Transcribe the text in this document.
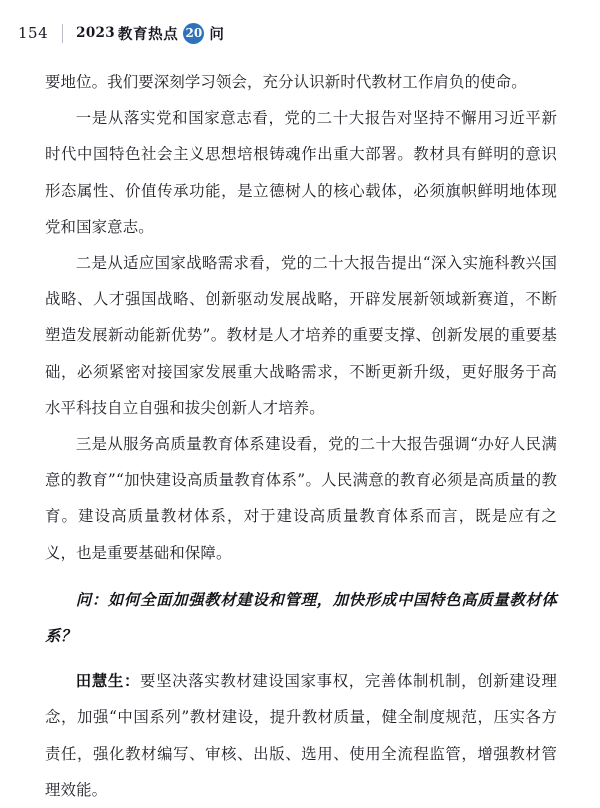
154 2023 教育热点 20 问

要地位。我们要深刻学习领会，充分认识新时代教材工作肩负的使命。

一是从落实党和国家意志看，党的二十大报告对坚持不懈用习近平新时代中国特色社会主义思想培根铸魂作出重大部署。教材具有鲜明的意识形态属性、价值传承功能，是立德树人的核心载体，必须旗帜鲜明地体现党和国家意志。

二是从适应国家战略需求看，党的二十大报告提出“深入实施科教兴国战略、人才强国战略、创新驱动发展战略，开辟发展新领域新赛道，不断塑造发展新动能新优势”。教材是人才培养的重要支撑、创新发展的重要基础，必须紧密对接国家发展重大战略需求，不断更新升级，更好服务于高水平科技自立自强和拔尖创新人才培养。

三是从服务高质量教育体系建设看，党的二十大报告强调“办好人民满意的教育”“加快建设高质量教育体系”。人民满意的教育必须是高质量的教育。建设高质量教材体系，对于建设高质量教育体系而言，既是应有之义，也是重要基础和保障。

问：如何全面加强教材建设和管理，加快形成中国特色高质量教材体系？

田慧生：要坚决落实教材建设国家事权，完善体制机制，创新建设理念，加强“中国系列”教材建设，提升教材质量，健全制度规范，压实各方责任，强化教材编写、审核、出版、选用、使用全流程监管，增强教材管理效能。
